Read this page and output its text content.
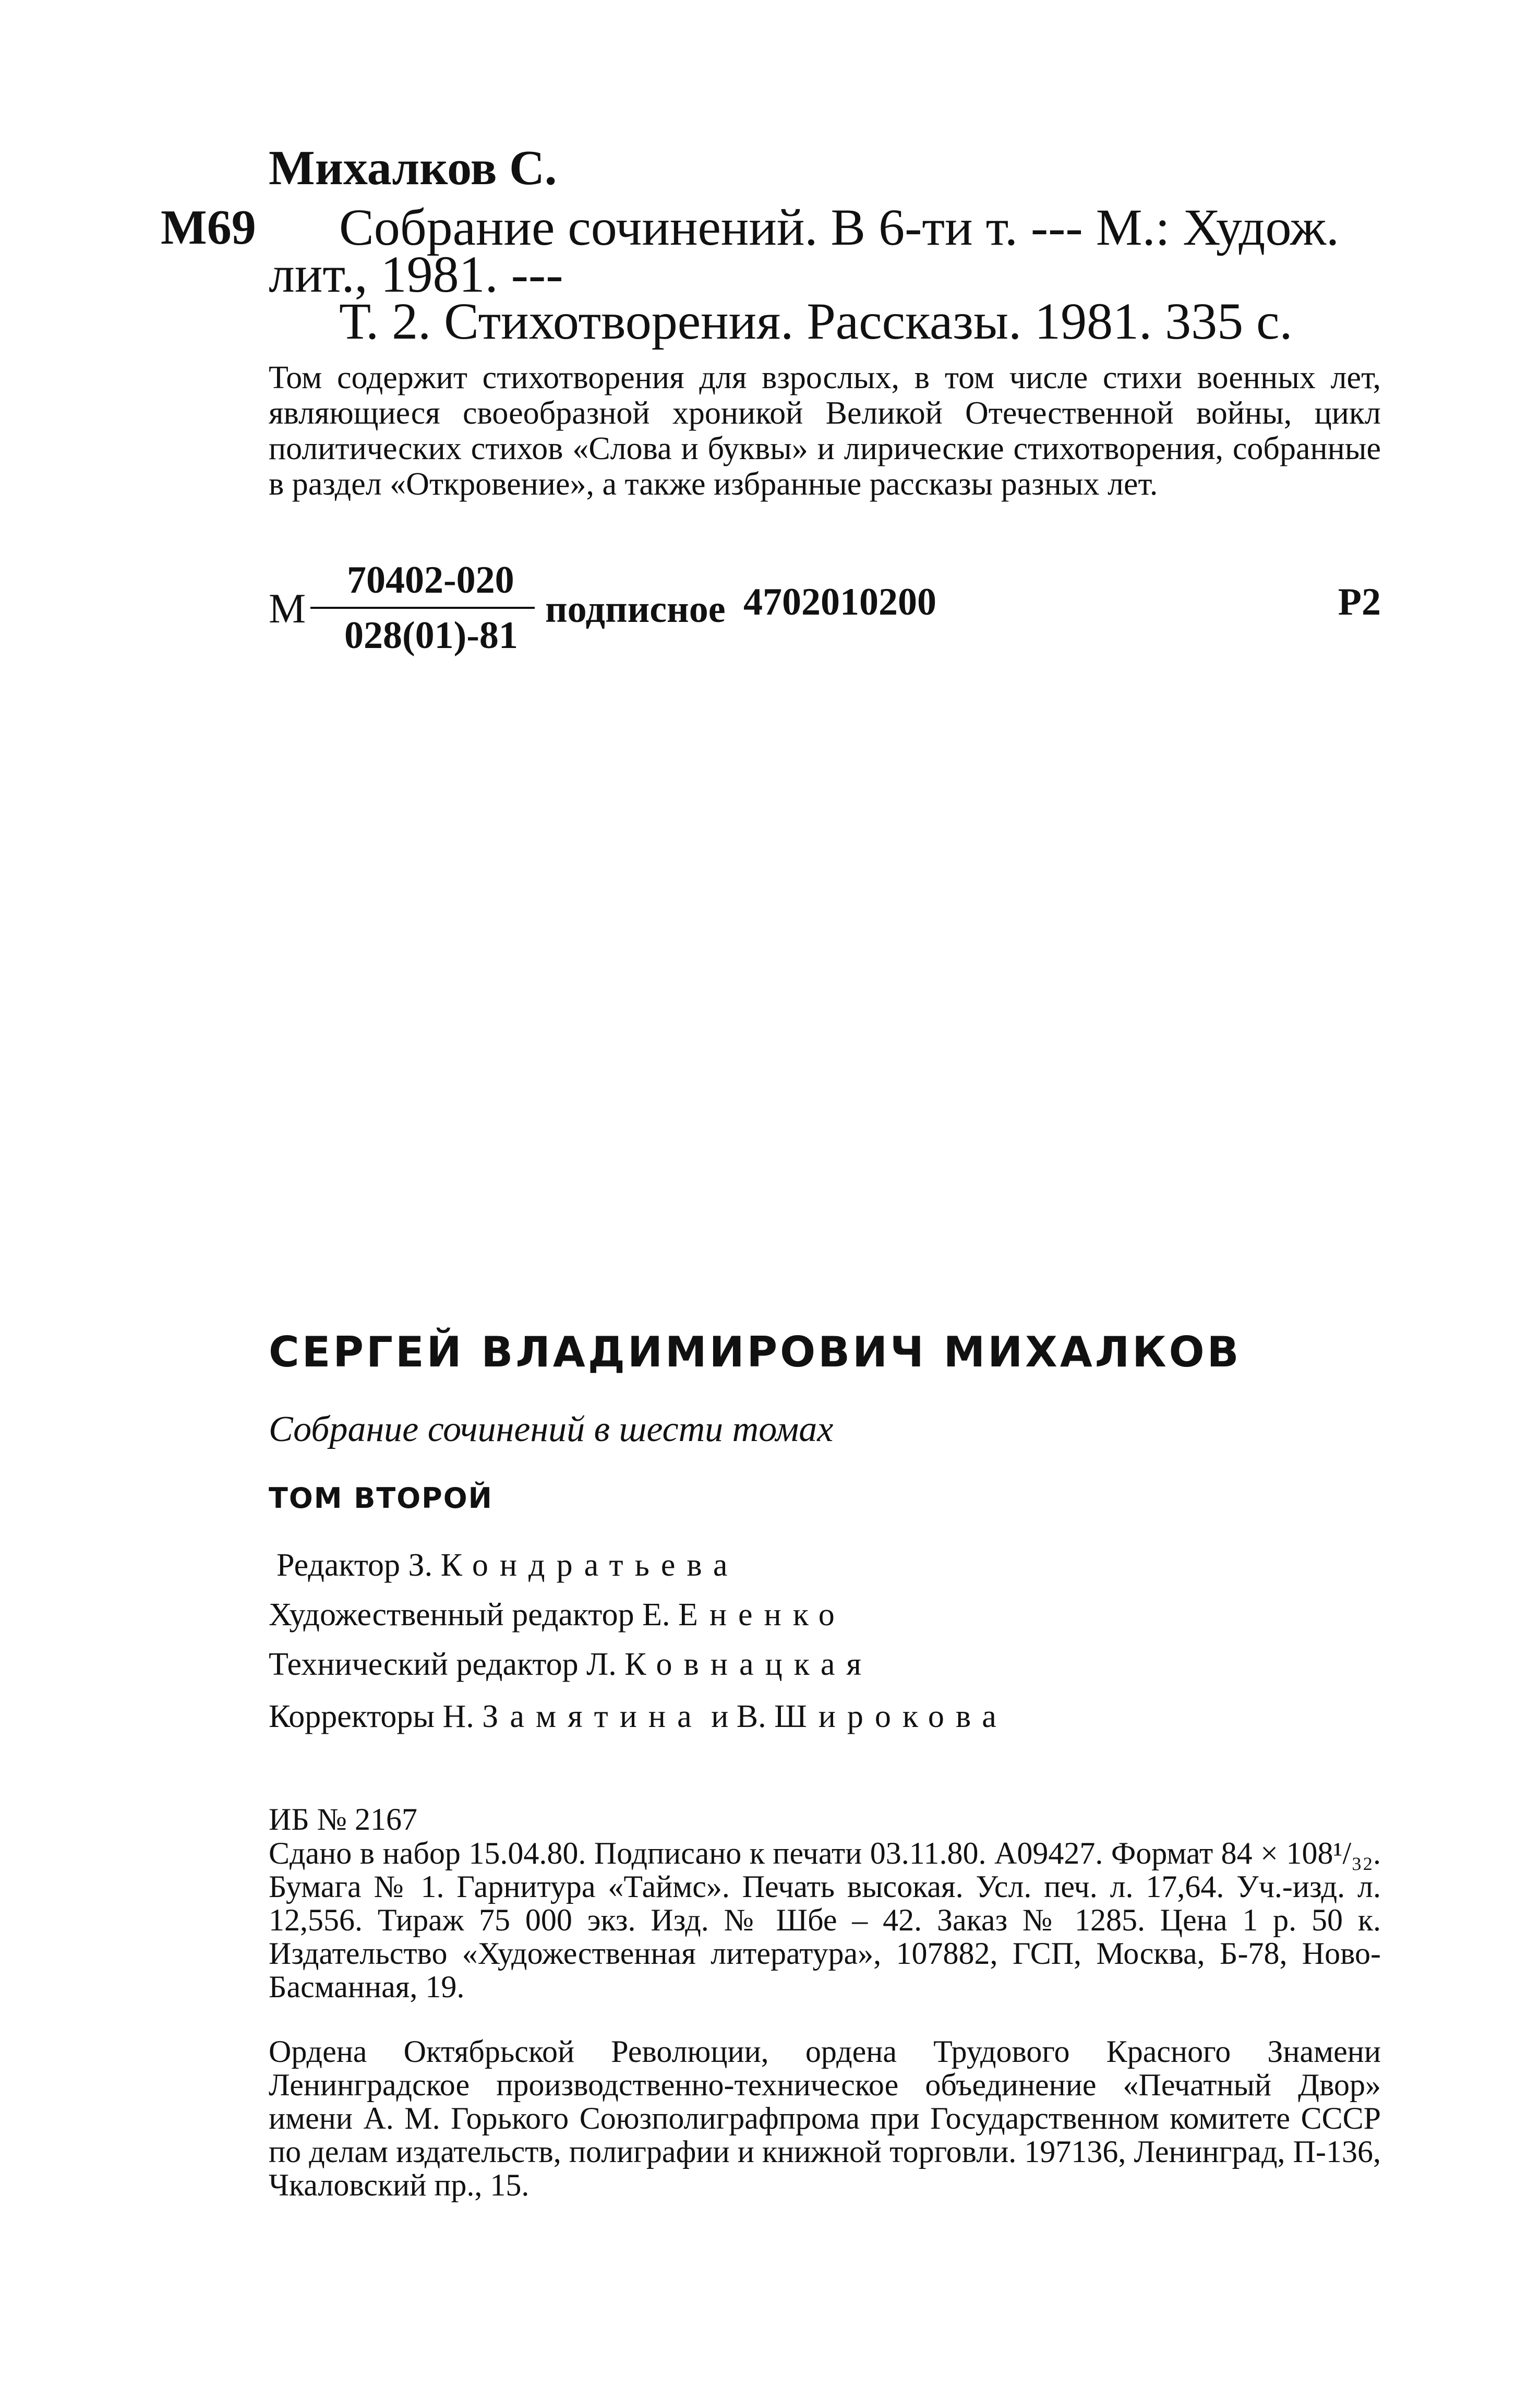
Михалков С.
М69 Собрание сочинений. В 6-ти т. --- М.: Худож.
лит., 1981. ---
Т. 2. Стихотворения. Рассказы. 1981. 335 с.
Том содержит стихотворения для взрослых, в том числе стихи военных лет, являющиеся своеобразной хроникой Великой Отечественной войны, цикл политических стихов «Слова и буквы» и лирические стихотворения, собранные в раздел «Откровение», а также избранные рассказы разных лет.
М
70402-020
028(01)-81
подписное 4702010200	Р2
СЕРГЕЙ ВЛАДИМИРОВИЧ МИХАЛКОВ
Собрание сочинений в шести томах
ТОМ ВТОРОЙ
Редактор З. Кондратьева
Художественный редактор Е. Ененко
Технический редактор Л. Ковнацкая
Корректоры Н. Замятина и В. Широкова
ИБ № 2167
Сдано в набор 15.04.80. Подписано к печати 03.11.80. А09427. Формат 84 × 108¹/₃₂. Бумага № 1. Гарнитура «Таймс». Печать высокая. Усл. печ. л. 17,64. Уч.-изд. л. 12,556. Тираж 75 000 экз. Изд. № Шбе – 42. Заказ № 1285. Цена 1 р. 50 к. Издательство «Художественная литература», 107882, ГСП, Москва, Б-78, Ново-Басманная, 19.
Ордена Октябрьской Революции, ордена Трудового Красного Знамени Ленинградское производственно-техническое объединение «Печатный Двор» имени А. М. Горького Союзполиграфпрома при Государственном комитете СССР по делам издательств, полиграфии и книжной торговли. 197136, Ленинград, П-136, Чкаловский пр., 15.
